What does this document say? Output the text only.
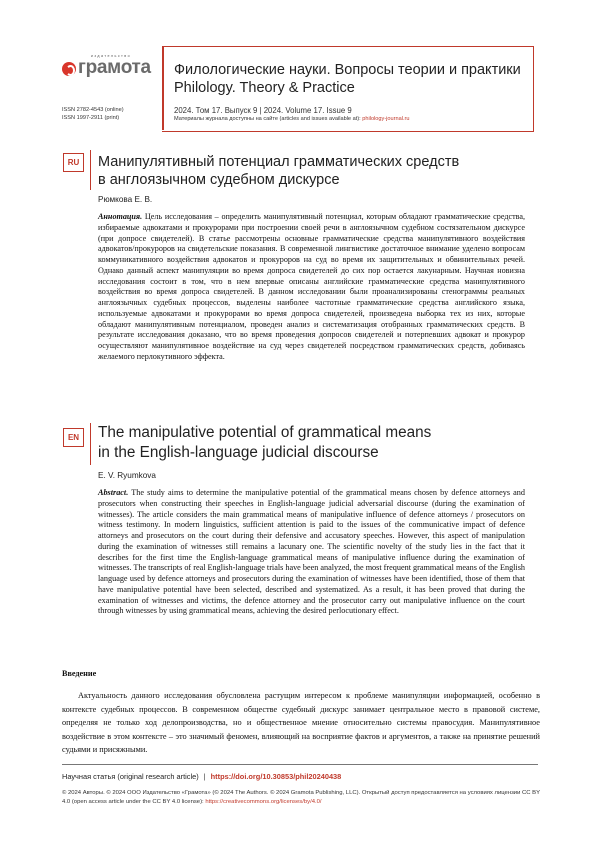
издательство
грамота Филологические науки. Вопросы теории и практики
Philology. Theory & Practice
2024. Том 17. Выпуск 9 | 2024. Volume 17. Issue 9
Материалы журнала доступны на сайте (articles and issues available at): philology-journal.ru
ISSN 2782-4543 (online)
ISSN 1997-2911 (print)
RU	Манипулятивный потенциал грамматических средств
в англоязычном судебном дискурсе
Рюмкова Е. В.
Аннотация. Цель исследования – определить манипулятивный потенциал, которым обладают грамматические средства, избираемые адвокатами и прокурорами при построении своей речи в англоязычном судебном состязательном дискурсе (при допросе свидетелей). В статье рассмотрены основные грамматические средства манипулятивного воздействия адвокатов/прокуроров на свидетельские показания. В современной лингвистике достаточное внимание уделено вопросам коммуникативного воздействия адвокатов и прокуроров на суд во время их защитительных и обвинительных речей. Однако данный аспект манипуляции во время допроса свидетелей до сих пор остается лакунарным. Научная новизна исследования состоит в том, что в нем впервые описаны английские грамматические средства манипулятивного воздействия во время допроса свидетелей. В данном исследовании были проанализированы стенограммы реальных англоязычных судебных процессов, выделены наиболее частотные грамматические средства английского языка, используемые адвокатами и прокурорами во время допроса свидетелей, произведена выборка тех из них, которые обладают манипулятивным потенциалом, проведен анализ и систематизация отобранных грамматических средств. В результате исследования доказано, что во время проведения допросов свидетелей и потерпевших адвокат и прокурор осуществляют манипулятивное воздействие на суд через свидетелей посредством грамматических средств, добиваясь желаемого перлокутивного эффекта.
EN	The manipulative potential of grammatical means
in the English-language judicial discourse
E. V. Ryumkova
Abstract. The study aims to determine the manipulative potential of the grammatical means chosen by defence attorneys and prosecutors when constructing their speeches in English-language judicial adversarial discourse (during the examination of witnesses). The article considers the main grammatical means of manipulative influence of defence attorneys / prosecutors on witness testimony. In modern linguistics, sufficient attention is paid to the issues of the communicative impact of defence attorneys and prosecutors on the court during their defensive and accusatory speeches. However, this aspect of manipulation during the examination of witnesses still remains a lacunary one. The scientific novelty of the study lies in the fact that it describes for the first time the English-language grammatical means of manipulative influence during the examination of witnesses. The transcripts of real English-language trials have been analyzed, the most frequent grammatical means of the English language used by defence attorneys and prosecutors during the examination of witnesses have been identified, those of them that have manipulative potential have been selected, described and systematized. As a result, it has been proved that during the examination of witnesses and victims, the defence attorney and the prosecutor carry out manipulative influence on the court through witnesses by using grammatical means, achieving the desired perlocutionary effect.
Введение
Актуальность данного исследования обусловлена растущим интересом к проблеме манипуляции информацией, особенно в контексте судебных процессов. В современном обществе судебный дискурс занимает центральное место в правовой системе, определяя не только ход делопроизводства, но и общественное мнение относительно системы правосудия. Манипулятивное воздействие в этом контексте – это значимый феномен, влияющий на восприятие фактов и аргументов, а также на принятие решений судьями и присяжными.
Научная статья (original research article) | https://doi.org/10.30853/phil20240438
© 2024 Авторы. © 2024 ООО Издательство «Грамота» (© 2024 The Authors. © 2024 Gramota Publishing, LLC). Открытый доступ предоставляется на условиях лицензии CC BY 4.0 (open access article under the CC BY 4.0 license): https://creativecommons.org/licenses/by/4.0/
